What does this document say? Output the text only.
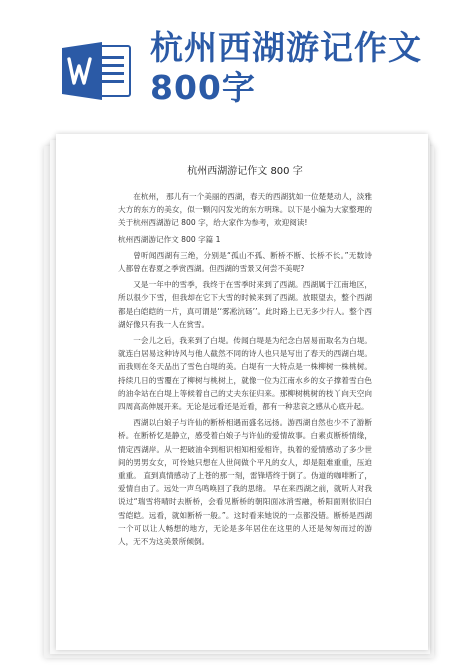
杭州西湖游记作文800字
杭州西湖游记作文 800 字

在杭州， 那儿有一个美丽的西湖，春天的西湖犹如一位楚楚动人，淡雅大方的东方的美女，似一颗闪闪发光的东方明珠。以下是小编为大家整理的关于杭州西湖游记 800 字，给大家作为参考，欢迎阅读!

杭州西湖游记作文 800 字篇 1

曾听闻西湖有三绝，分别是“孤山不孤、断桥不断、长桥不长。”无数诗人都曾在春夏之季赏西湖。但西湖的雪景又何尝不美呢?

又是一年中的雪季，我终于在雪季时来到了西湖。西湖属于江南地区，所以很少下雪，但我却在它下大雪的时候来到了西湖。放眼望去，整个西湖都是白皑皑的一片，真可谓是‘‘雾凇沆砀’’。此时路上已无多少行人。整个西湖好像只有我一人在赏雪。

一会儿之后，我来到了白堤。传闻白堤是为纪念白居易而取名为白堤。 就连白居易这种诗风与他人截然不同的诗人也只是写出了春天的西湖白堤。 而我则在冬天品出了雪色白堤的美。白堤有一大特点是一株柳树一株桃树。持续几日的雪覆在了柳树与桃树上，就像一位为江南水乡的女子撑着雪白色的油伞站在白堤上等候着自己的丈夫东征归来。那柳树桃树的枝丫向天空向四周高高伸展开来。无论是远看还是近看，都有一种悲哀之感从心底升起。

西湖以白娘子与许仙的断桥相遇而盛名远扬。游西湖自然也少不了游断桥。在断桥忆是静立，感受着白娘子与许仙的爱情故事。白素贞断桥情缘，情定西湖岸。从一把破油伞到相识相知相爱相许，执着的爱情感动了多少世间的男男女女，可怜她只想在人世间做个平凡的女人，却是阻难重重，压迫重重。 直到真情感动了上苍的那一刻，雷锋塔终于倒了。伪道的咖啡断了，爱情自由了。远处一声乌鸣唤回了我的思绪。 早在来西湖之前，就听人对我说过“瑞雪将晴时去断桥，会看见断桥的朝阳面冰消雪融，桥阳面则依旧白雪皑皑。远看，就如断桥一般。”。这时看来她说的一点都没错。断桥是西湖一个可以让人畅想的地方，无论是多年居住在这里的人还是匆匆而过的游人，无不为这美景所倾倒。
